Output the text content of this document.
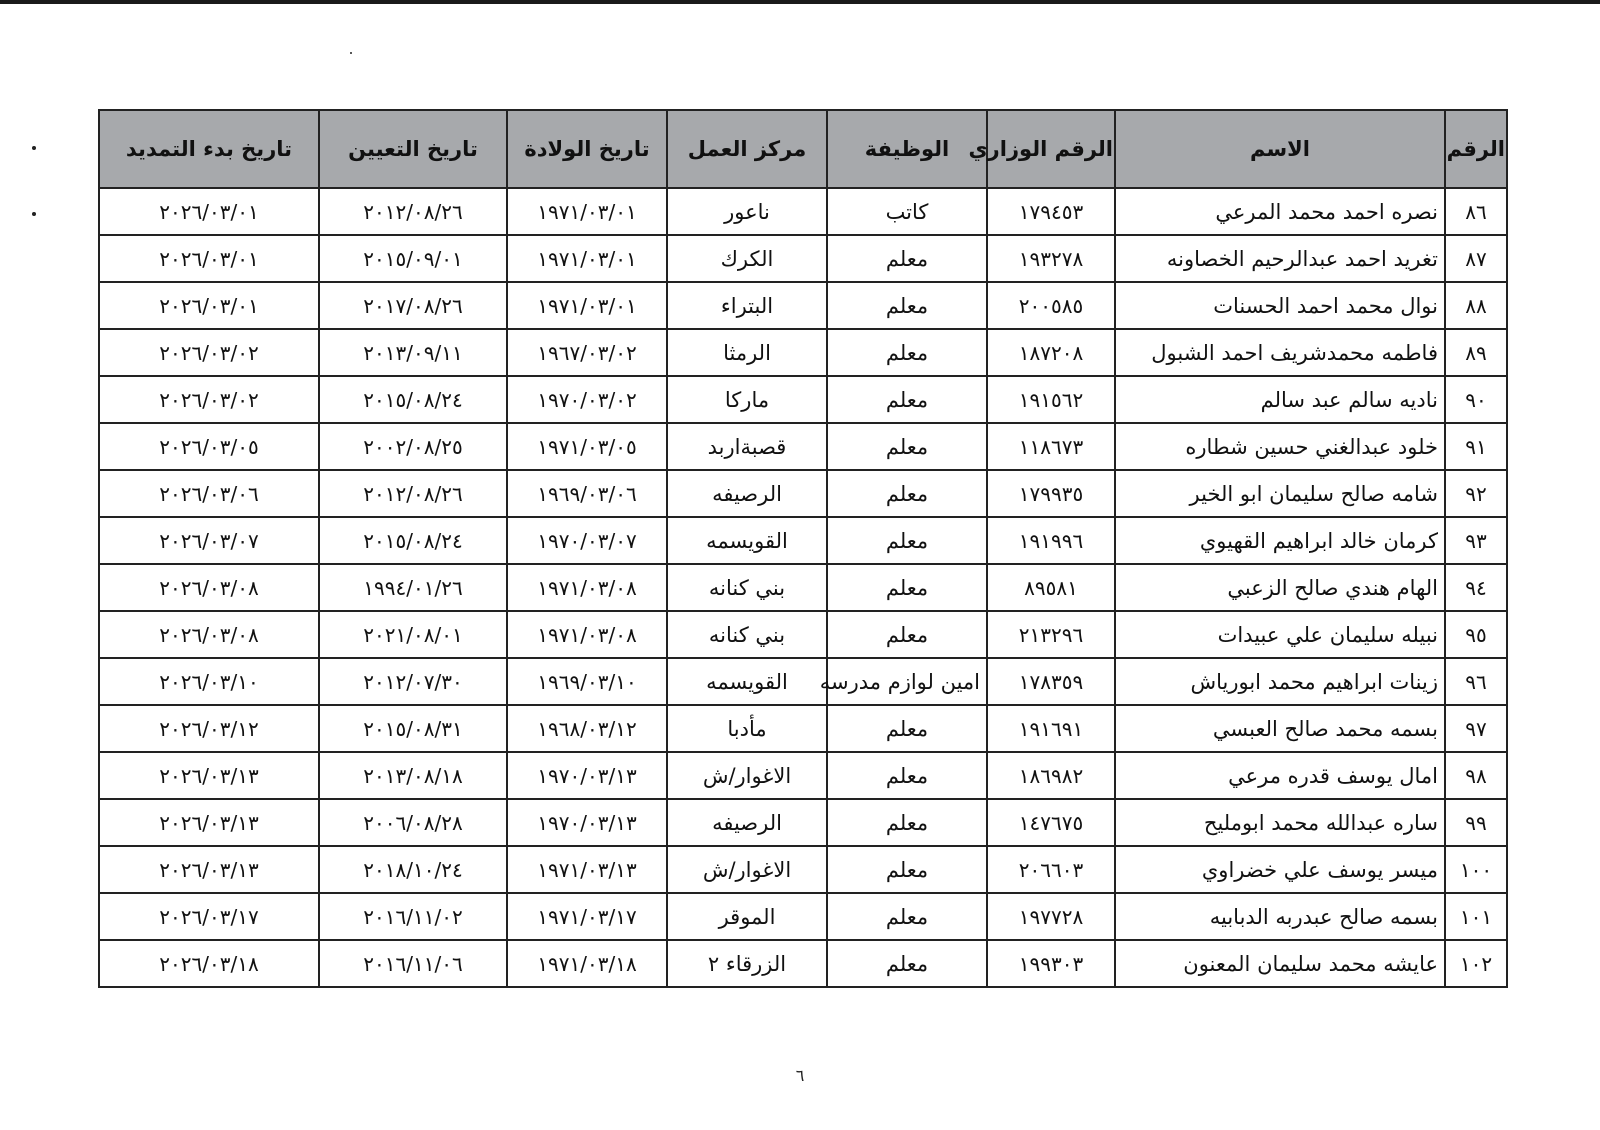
الرقم	الاسم	الرقم الوزاري	الوظيفة	مركز العمل	تاريخ الولادة	تاريخ التعيين	تاريخ بدء التمديد
٨٦	نصره احمد محمد المرعي	١٧٩٤٥٣	كاتب	ناعور	١٩٧١/٠٣/٠١	٢٠١٢/٠٨/٢٦	٢٠٢٦/٠٣/٠١
٨٧	تغريد احمد عبدالرحيم الخصاونه	١٩٣٢٧٨	معلم	الكرك	١٩٧١/٠٣/٠١	٢٠١٥/٠٩/٠١	٢٠٢٦/٠٣/٠١
٨٨	نوال محمد احمد الحسنات	٢٠٠٥٨٥	معلم	البتراء	١٩٧١/٠٣/٠١	٢٠١٧/٠٨/٢٦	٢٠٢٦/٠٣/٠١
٨٩	فاطمه محمدشريف احمد الشبول	١٨٧٢٠٨	معلم	الرمثا	١٩٦٧/٠٣/٠٢	٢٠١٣/٠٩/١١	٢٠٢٦/٠٣/٠٢
٩٠	ناديه سالم عبد سالم	١٩١٥٦٢	معلم	ماركا	١٩٧٠/٠٣/٠٢	٢٠١٥/٠٨/٢٤	٢٠٢٦/٠٣/٠٢
٩١	خلود عبدالغني حسين شطاره	١١٨٦٧٣	معلم	قصبةاربد	١٩٧١/٠٣/٠٥	٢٠٠٢/٠٨/٢٥	٢٠٢٦/٠٣/٠٥
٩٢	شامه صالح سليمان ابو الخير	١٧٩٩٣٥	معلم	الرصيفه	١٩٦٩/٠٣/٠٦	٢٠١٢/٠٨/٢٦	٢٠٢٦/٠٣/٠٦
٩٣	كرمان خالد ابراهيم القهيوي	١٩١٩٩٦	معلم	القويسمه	١٩٧٠/٠٣/٠٧	٢٠١٥/٠٨/٢٤	٢٠٢٦/٠٣/٠٧
٩٤	الهام هندي صالح الزعبي	٨٩٥٨١	معلم	بني كنانه	١٩٧١/٠٣/٠٨	١٩٩٤/٠١/٢٦	٢٠٢٦/٠٣/٠٨
٩٥	نبيله سليمان علي عبيدات	٢١٣٢٩٦	معلم	بني كنانه	١٩٧١/٠٣/٠٨	٢٠٢١/٠٨/٠١	٢٠٢٦/٠٣/٠٨
٩٦	زينات ابراهيم محمد ابورياش	١٧٨٣٥٩	امين لوازم مدرسه	القويسمه	١٩٦٩/٠٣/١٠	٢٠١٢/٠٧/٣٠	٢٠٢٦/٠٣/١٠
٩٧	بسمه محمد صالح العبسي	١٩١٦٩١	معلم	مأدبا	١٩٦٨/٠٣/١٢	٢٠١٥/٠٨/٣١	٢٠٢٦/٠٣/١٢
٩٨	امال يوسف قدره مرعي	١٨٦٩٨٢	معلم	الاغوار/ش	١٩٧٠/٠٣/١٣	٢٠١٣/٠٨/١٨	٢٠٢٦/٠٣/١٣
٩٩	ساره عبدالله محمد ابومليح	١٤٧٦٧٥	معلم	الرصيفه	١٩٧٠/٠٣/١٣	٢٠٠٦/٠٨/٢٨	٢٠٢٦/٠٣/١٣
١٠٠	ميسر يوسف علي خضراوي	٢٠٦٦٠٣	معلم	الاغوار/ش	١٩٧١/٠٣/١٣	٢٠١٨/١٠/٢٤	٢٠٢٦/٠٣/١٣
١٠١	بسمه صالح عبدربه الدبابيه	١٩٧٧٢٨	معلم	الموقر	١٩٧١/٠٣/١٧	٢٠١٦/١١/٠٢	٢٠٢٦/٠٣/١٧
١٠٢	عايشه محمد سليمان المعنون	١٩٩٣٠٣	معلم	الزرقاء ٢	١٩٧١/٠٣/١٨	٢٠١٦/١١/٠٦	٢٠٢٦/٠٣/١٨
٦
